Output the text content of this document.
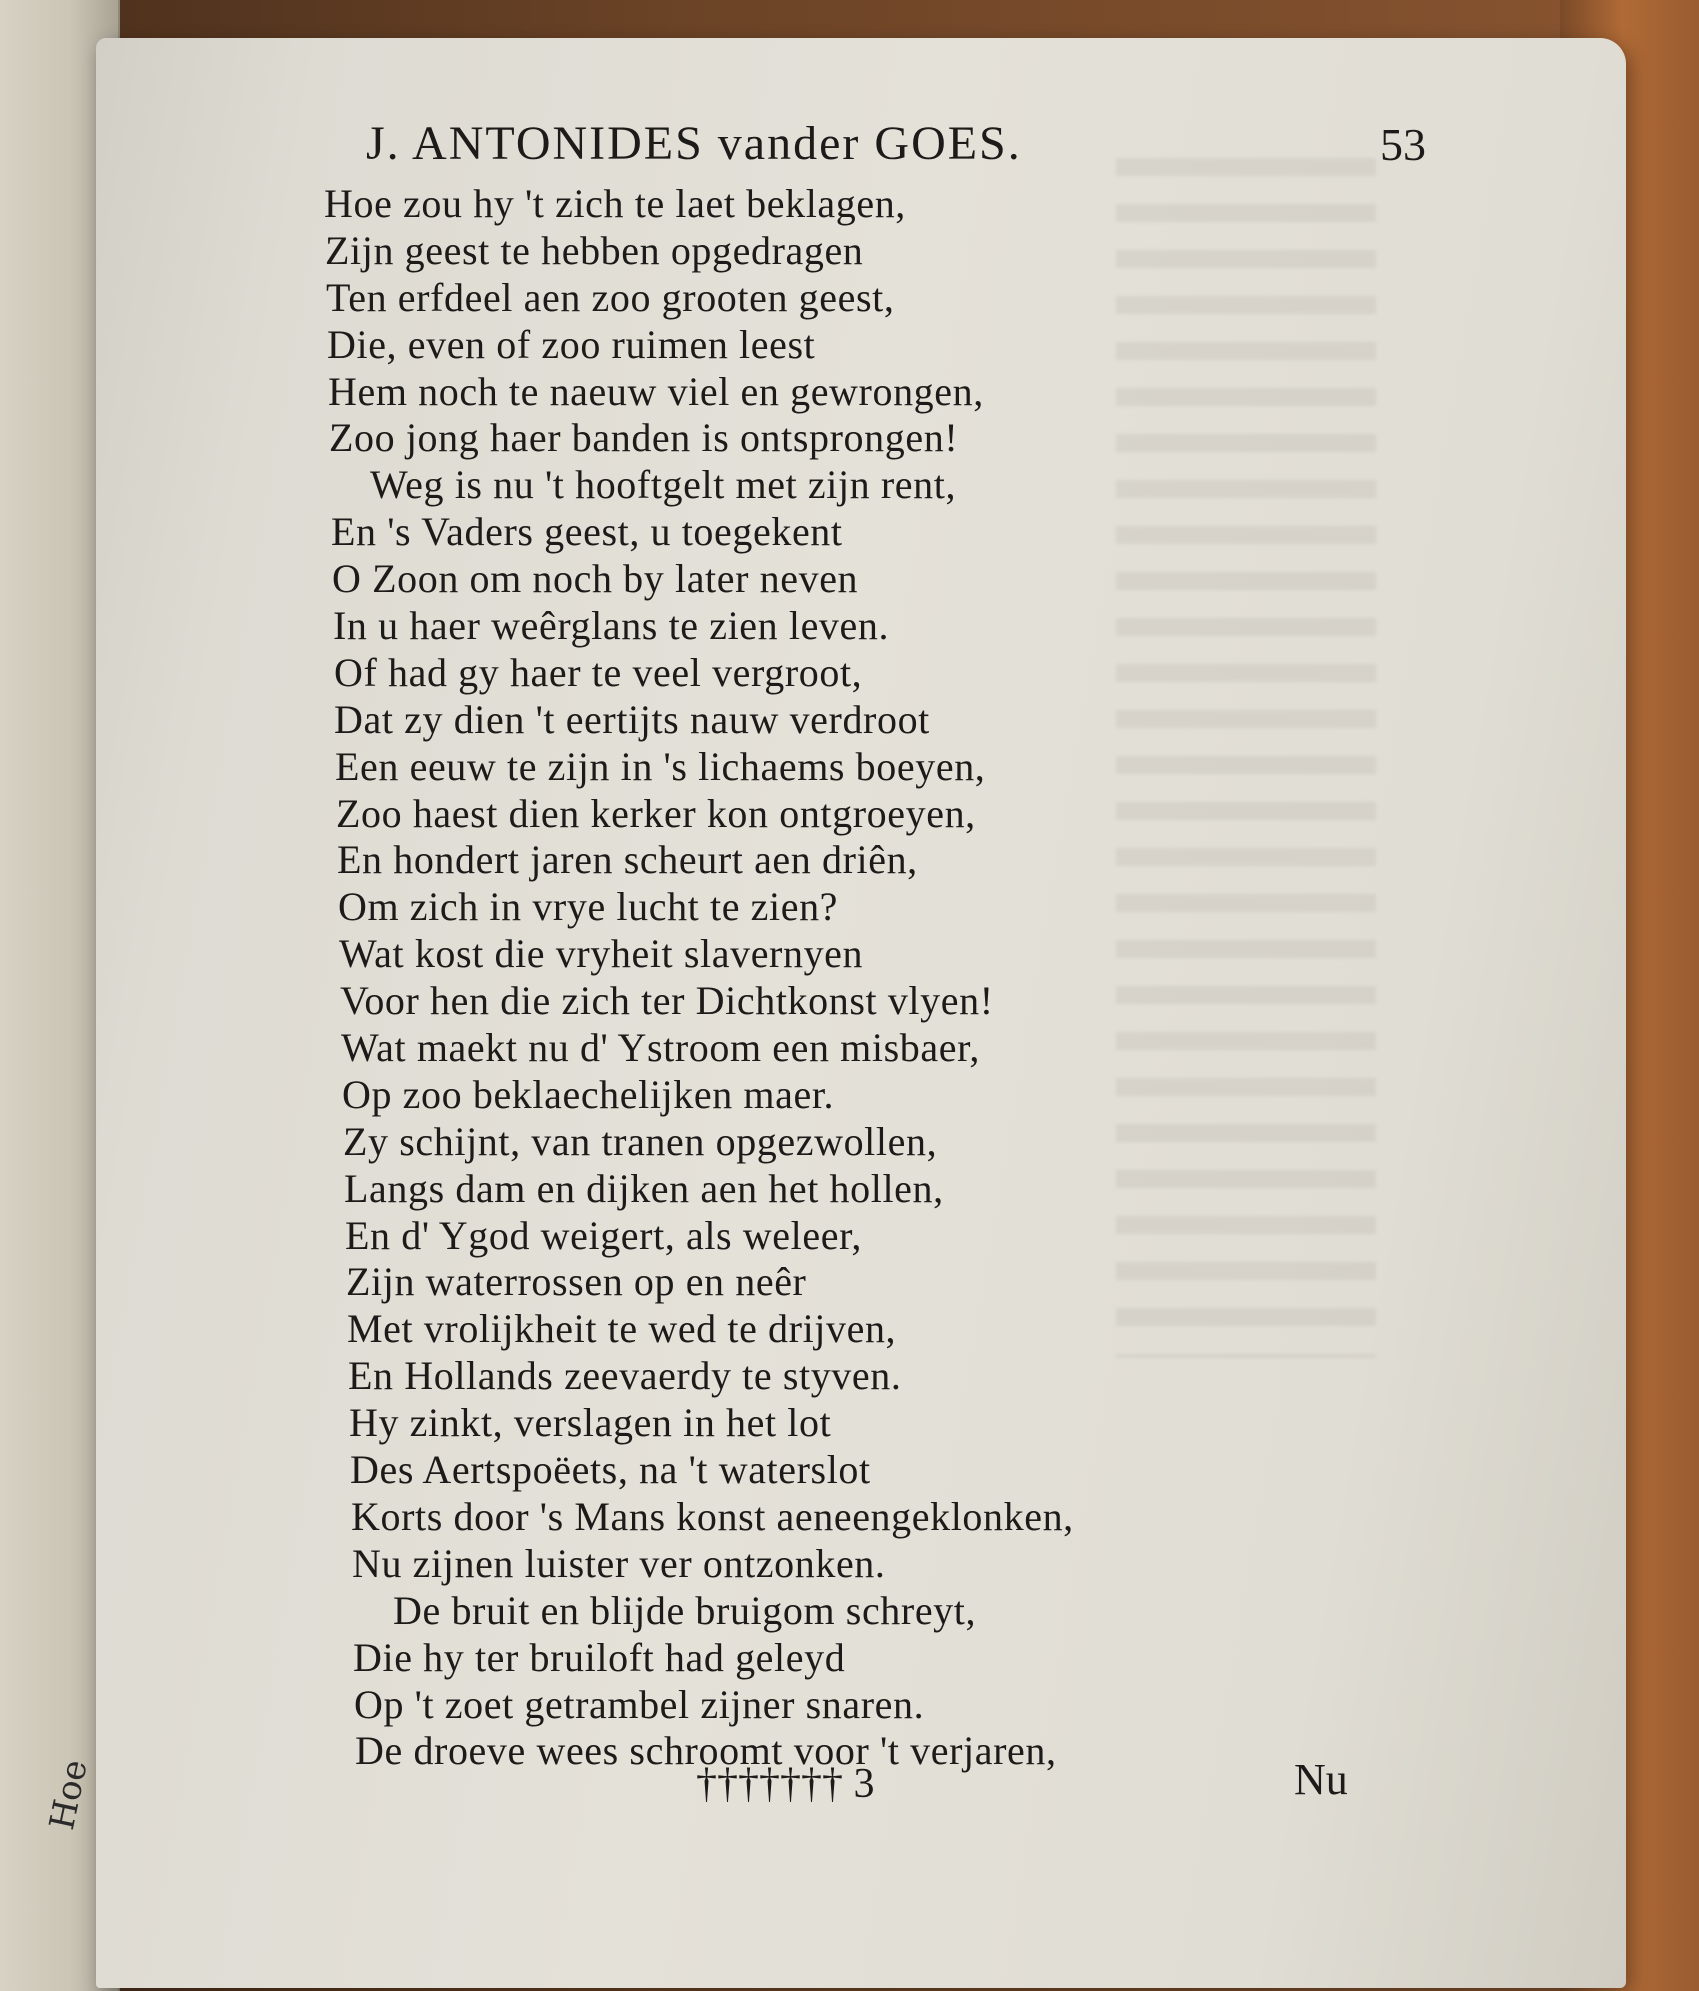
Hoe
J. ANTONIDES vander GOES.	53
Hoe zou hy 't zich te laet beklagen,
Zijn geest te hebben opgedragen
Ten erfdeel aen zoo grooten geest,
Die, even of zoo ruimen leest
Hem noch te naeuw viel en gewrongen,
Zoo jong haer banden is ontsprongen!
Weg is nu 't hooftgelt met zijn rent,
En 's Vaders geest, u toegekent
O Zoon om noch by later neven
In u haer weêrglans te zien leven.
Of had gy haer te veel vergroot,
Dat zy dien 't eertijts nauw verdroot
Een eeuw te zijn in 's lichaems boeyen,
Zoo haest dien kerker kon ontgroeyen,
En hondert jaren scheurt aen driên,
Om zich in vrye lucht te zien?
Wat kost die vryheit slavernyen
Voor hen die zich ter Dichtkonst vlyen!
Wat maekt nu d' Ystroom een misbaer,
Op zoo beklaechelijken maer.
Zy schijnt, van tranen opgezwollen,
Langs dam en dijken aen het hollen,
En d' Ygod weigert, als weleer,
Zijn waterrossen op en neêr
Met vrolijkheit te wed te drijven,
En Hollands zeevaerdy te styven.
Hy zinkt, verslagen in het lot
Des Aertspoëets, na 't waterslot
Korts door 's Mans konst aeneengeklonken,
Nu zijnen luister ver ontzonken.
De bruit en blijde bruigom schreyt,
Die hy ter bruiloft had geleyd
Op 't zoet getrambel zijner snaren.
De droeve wees schroomt voor 't verjaren,
††††††† 3	Nu
